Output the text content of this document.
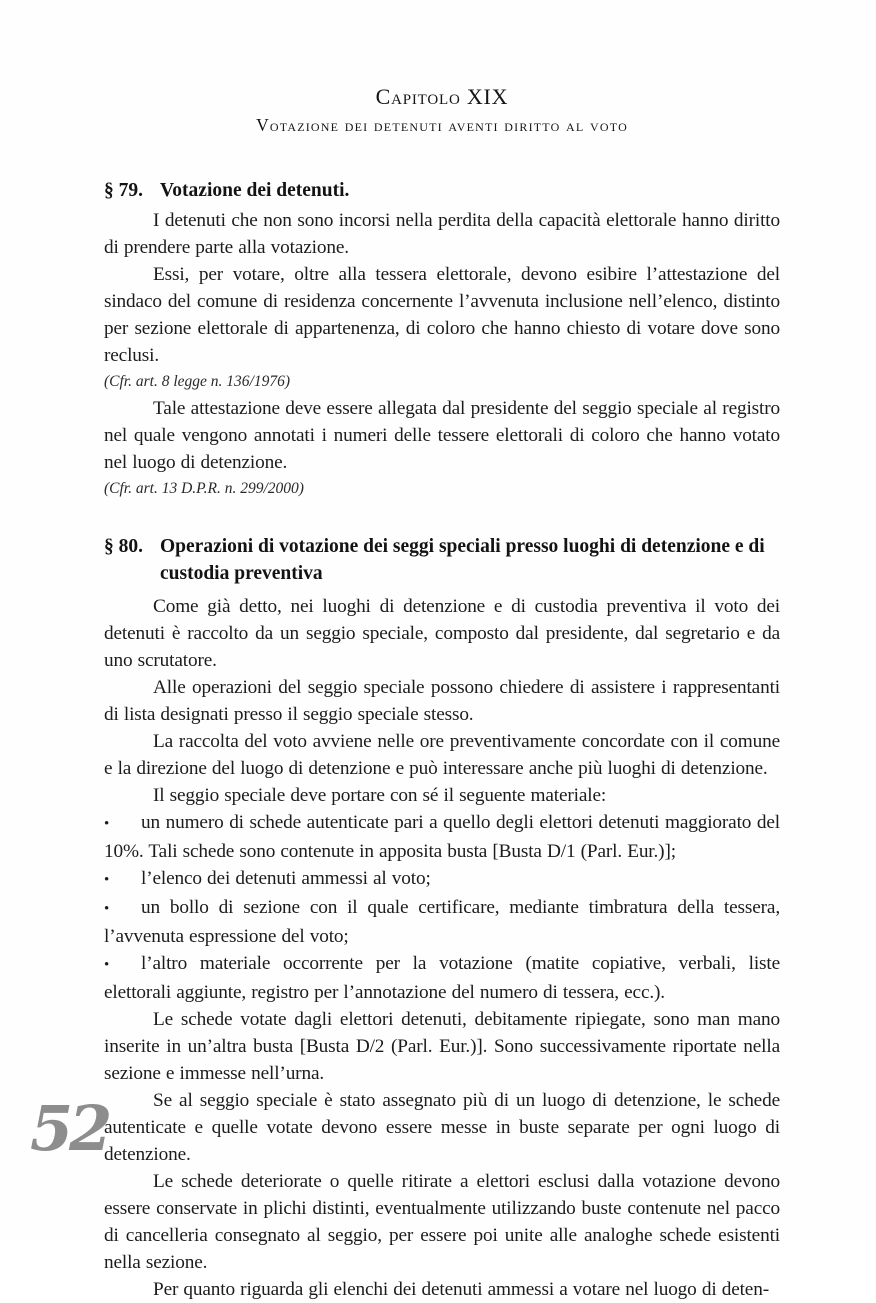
Capitolo XIX
Votazione dei detenuti aventi diritto al voto
§ 79. Votazione dei detenuti.

I detenuti che non sono incorsi nella perdita della capacità elettorale hanno diritto di prendere parte alla votazione.

Essi, per votare, oltre alla tessera elettorale, devono esibire l’attestazione del sindaco del comune di residenza concernente l’avvenuta inclusione nell’elenco, distinto per sezione elettorale di appartenenza, di coloro che hanno chiesto di votare dove sono reclusi.

(Cfr. art. 8 legge n. 136/1976)

Tale attestazione deve essere allegata dal presidente del seggio speciale al registro nel quale vengono annotati i numeri delle tessere elettorali di coloro che hanno votato nel luogo di detenzione.

(Cfr. art. 13 D.P.R. n. 299/2000)

§ 80. Operazioni di votazione dei seggi speciali presso luoghi di detenzione e di custodia preventiva

Come già detto, nei luoghi di detenzione e di custodia preventiva il voto dei detenuti è raccolto da un seggio speciale, composto dal presidente, dal segretario e da uno scrutatore.

Alle operazioni del seggio speciale possono chiedere di assistere i rappresentanti di lista designati presso il seggio speciale stesso.

La raccolta del voto avviene nelle ore preventivamente concordate con il comune e la direzione del luogo di detenzione e può interessare anche più luoghi di detenzione.

Il seggio speciale deve portare con sé il seguente materiale:

• un numero di schede autenticate pari a quello degli elettori detenuti maggiorato del 10%. Tali schede sono contenute in apposita busta [Busta D/1 (Parl. Eur.)];

• l’elenco dei detenuti ammessi al voto;

• un bollo di sezione con il quale certificare, mediante timbratura della tessera, l’avvenuta espressione del voto;

• l’altro materiale occorrente per la votazione (matite copiative, verbali, liste elettorali aggiunte, registro per l’annotazione del numero di tessera, ecc.).

Le schede votate dagli elettori detenuti, debitamente ripiegate, sono man mano inserite in un’altra busta [Busta D/2 (Parl. Eur.)]. Sono successivamente riportate nella sezione e immesse nell’urna.

Se al seggio speciale è stato assegnato più di un luogo di detenzione, le schede autenticate e quelle votate devono essere messe in buste separate per ogni luogo di detenzione.

Le schede deteriorate o quelle ritirate a elettori esclusi dalla votazione devono essere conservate in plichi distinti, eventualmente utilizzando buste contenute nel pacco di cancelleria consegnato al seggio, per essere poi unite alle analoghe schede esistenti nella sezione.

Per quanto riguarda gli elenchi dei detenuti ammessi a votare nel luogo di deten-

52
